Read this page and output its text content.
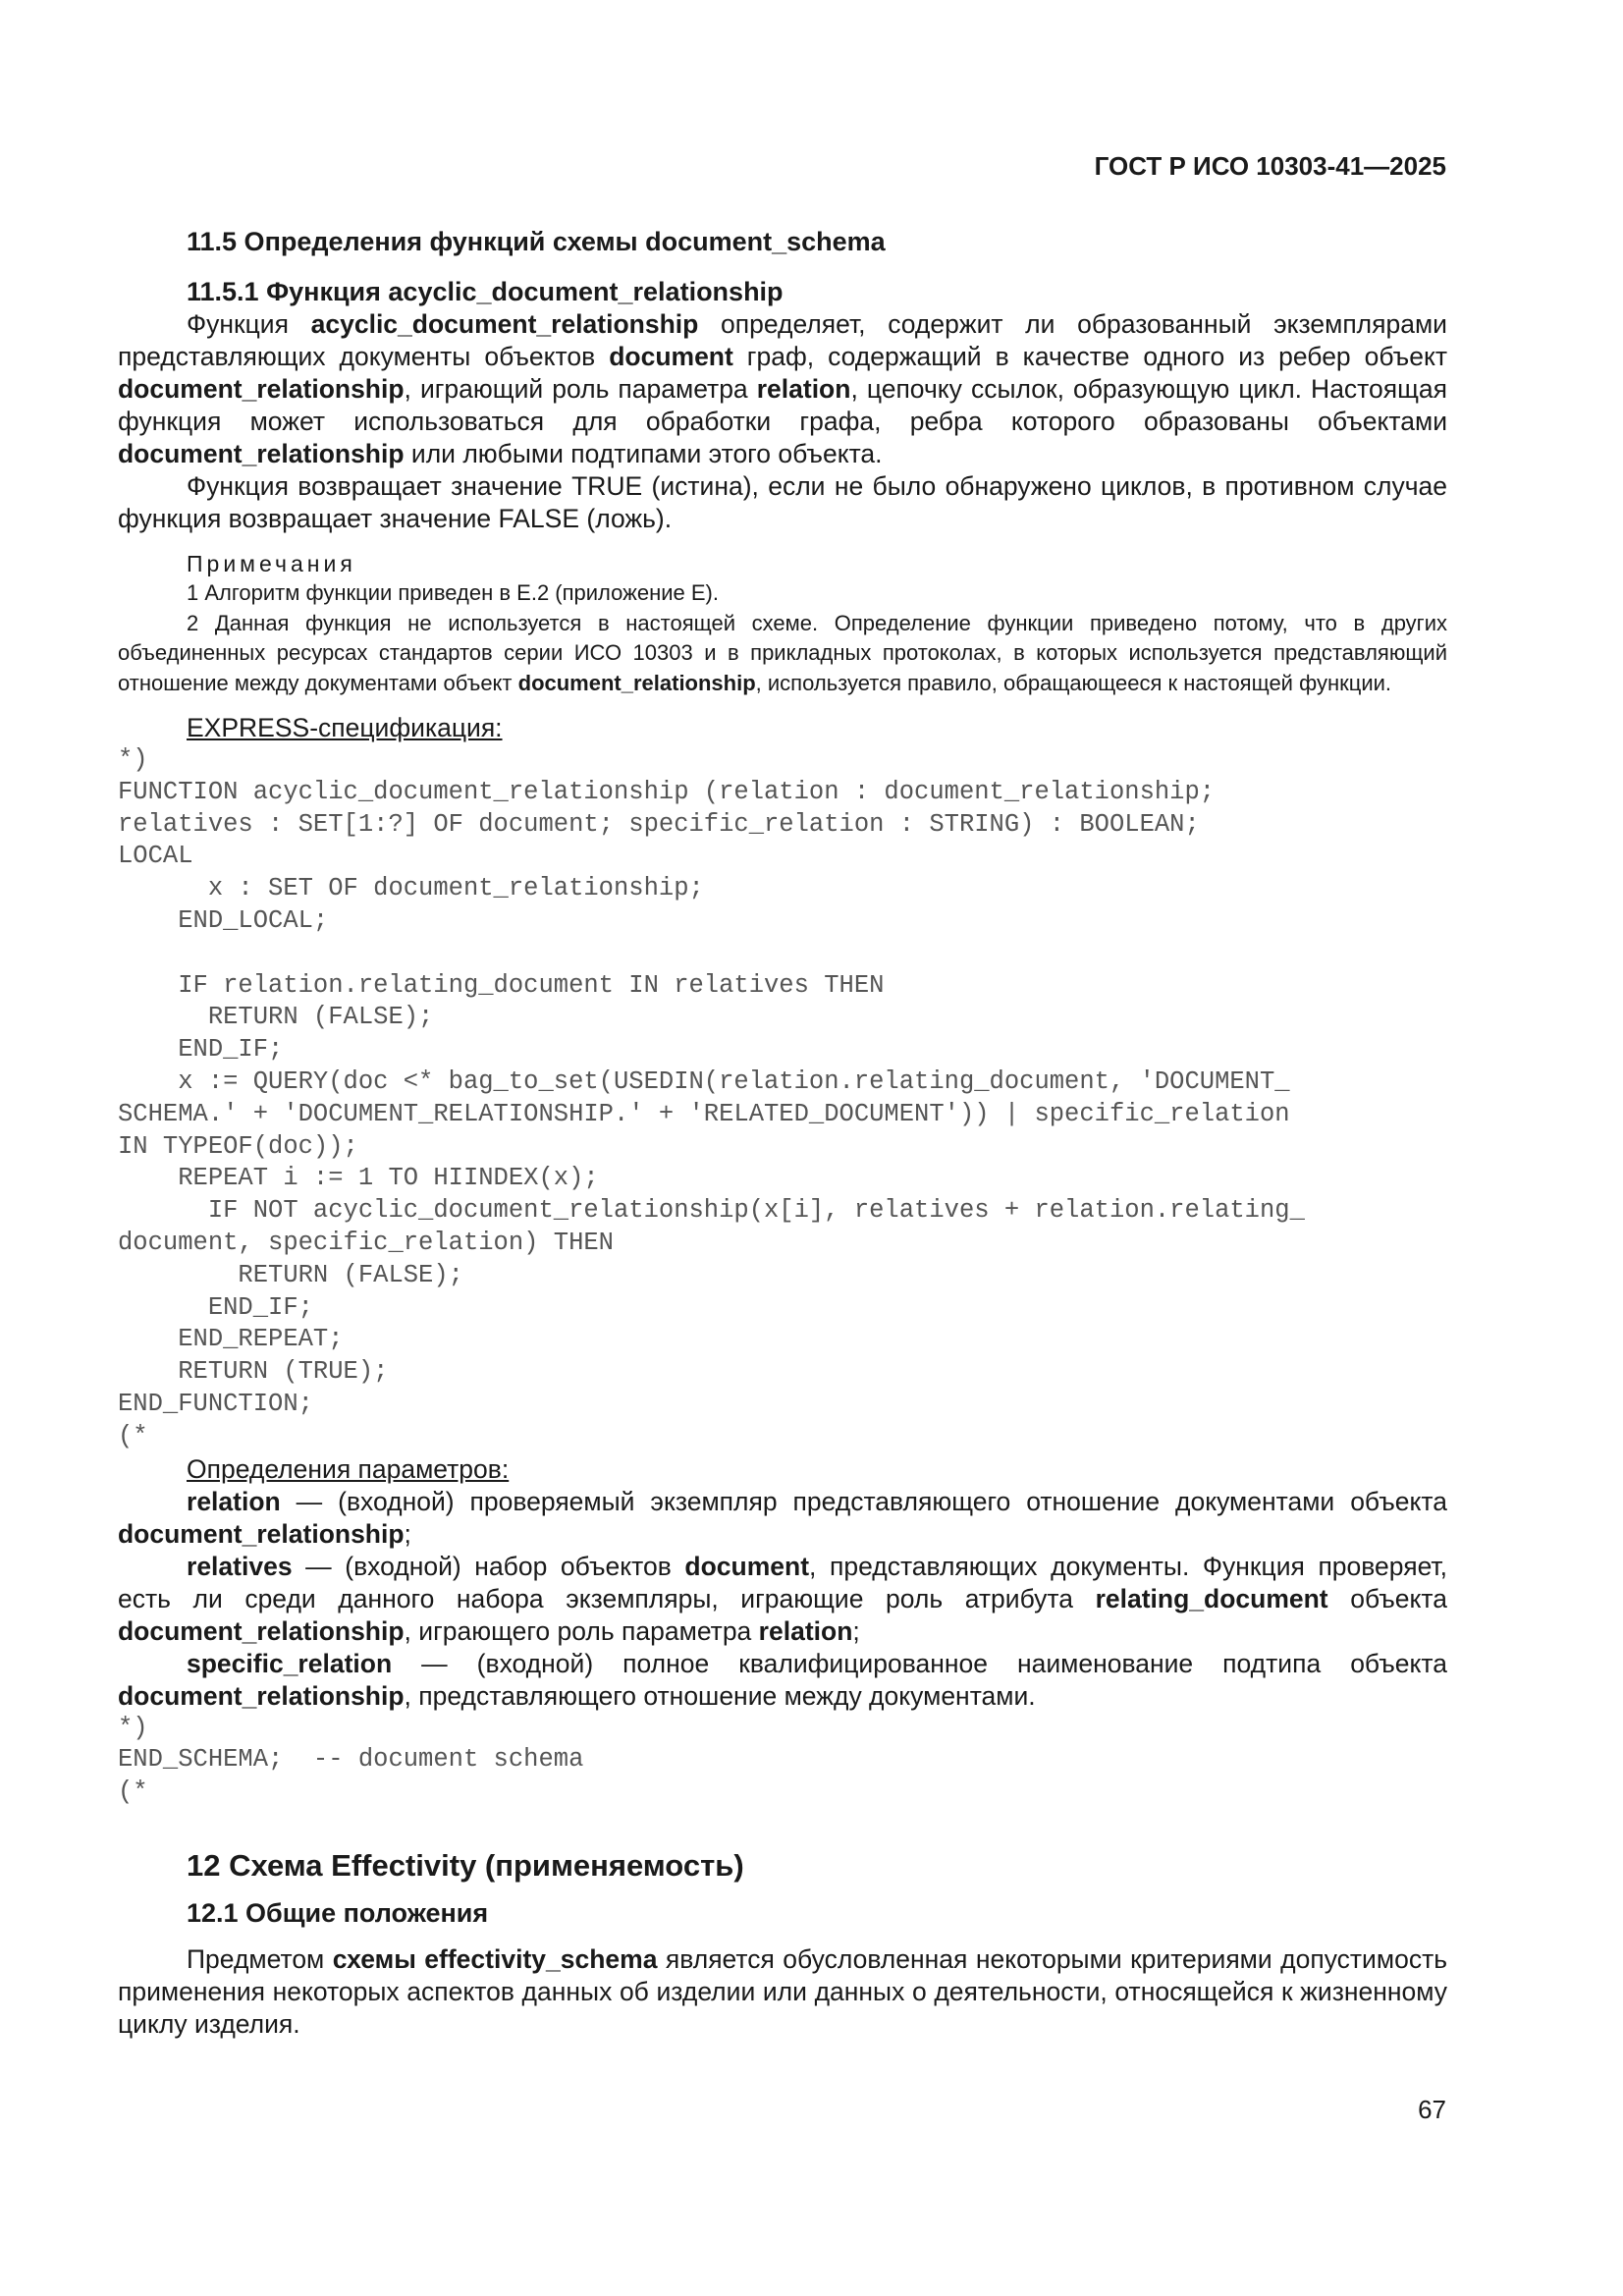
ГОСТ Р ИСО 10303-41—2025
11.5 Определения функций схемы document_schema
11.5.1 Функция acyclic_document_relationship

Функция acyclic_document_relationship определяет, содержит ли образованный экземплярами представляющих документы объектов document граф, содержащий в качестве одного из ребер объект document_relationship, играющий роль параметра relation, цепочку ссылок, образующую цикл. Настоящая функция может использоваться для обработки графа, ребра которого образованы объектами document_relationship или любыми подтипами этого объекта.

Функция возвращает значение TRUE (истина), если не было обнаружено циклов, в противном случае функция возвращает значение FALSE (ложь).

Примечания

1 Алгоритм функции приведен в Е.2 (приложение Е).

2 Данная функция не используется в настоящей схеме. Определение функции приведено потому, что в других объединенных ресурсах стандартов серии ИСО 10303 и в прикладных протоколах, в которых используется представляющий отношение между документами объект document_relationship, используется правило, обращающееся к настоящей функции.

EXPRESS-спецификация:

*)
FUNCTION acyclic_document_relationship (relation : document_relationship;
relatives : SET[1:?] OF document; specific_relation : STRING) : BOOLEAN;
LOCAL
x : SET OF document_relationship;
END_LOCAL;

IF relation.relating_document IN relatives THEN
RETURN (FALSE);
END_IF;
x := QUERY(doc <* bag_to_set(USEDIN(relation.relating_document, 'DOCUMENT_
SCHEMA.' + 'DOCUMENT_RELATIONSHIP.' + 'RELATED_DOCUMENT')) | specific_relation
IN TYPEOF(doc));
REPEAT i := 1 TO HIINDEX(x);
IF NOT acyclic_document_relationship(x[i], relatives + relation.relating_
document, specific_relation) THEN
RETURN (FALSE);
END_IF;
END_REPEAT;
RETURN (TRUE);
END_FUNCTION;
(*

Определения параметров:

relation — (входной) проверяемый экземпляр представляющего отношение документами объекта document_relationship;

relatives — (входной) набор объектов document, представляющих документы. Функция проверяет, есть ли среди данного набора экземпляры, играющие роль атрибута relating_document объекта document_relationship, играющего роль параметра relation;

specific_relation — (входной) полное квалифицированное наименование подтипа объекта document_relationship, представляющего отношение между документами.

*)
END_SCHEMA;  -- document schema
(*
12 Схема Effectivity (применяемость)
12.1 Общие положения

Предметом схемы effectivity_schema является обусловленная некоторыми критериями допустимость применения некоторых аспектов данных об изделии или данных о деятельности, относящейся к жизненному циклу изделия.

67
